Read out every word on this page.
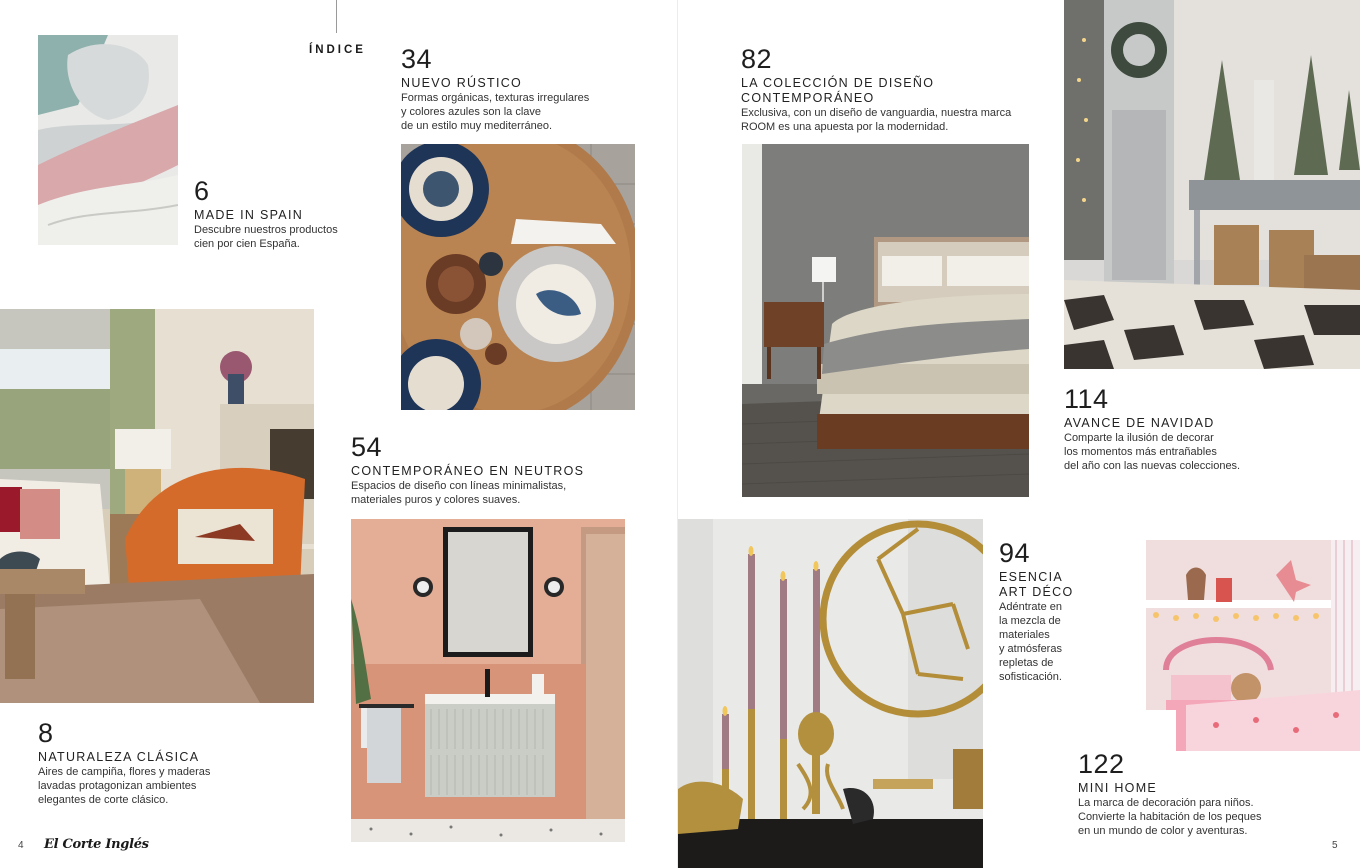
ÍNDICE
6
MADE IN SPAIN
Descubre nuestros productos
cien por cien España.
34
NUEVO RÚSTICO
Formas orgánicas, texturas irregulares
y colores azules son la clave
de un estilo muy mediterráneo.
82
LA COLECCIÓN DE DISEÑO
CONTEMPORÁNEO
Exclusiva, con un diseño de vanguardia, nuestra marca
ROOM es una apuesta por la modernidad.
114
AVANCE DE NAVIDAD
Comparte la ilusión de decorar
los momentos más entrañables
del año con las nuevas colecciones.
54
CONTEMPORÁNEO EN NEUTROS
Espacios de diseño con líneas minimalistas,
materiales puros y colores suaves.
8
NATURALEZA CLÁSICA
Aires de campiña, flores y maderas
lavadas protagonizan ambientes
elegantes de corte clásico.
94
ESENCIA
ART DÉCO
Adéntrate en
la mezcla de
materiales
y atmósferas
repletas de
sofisticación.
122
MINI HOME
La marca de decoración para niños.
Convierte la habitación de los peques
en un mundo de color y aventuras.
4 El Corte Inglés	5
